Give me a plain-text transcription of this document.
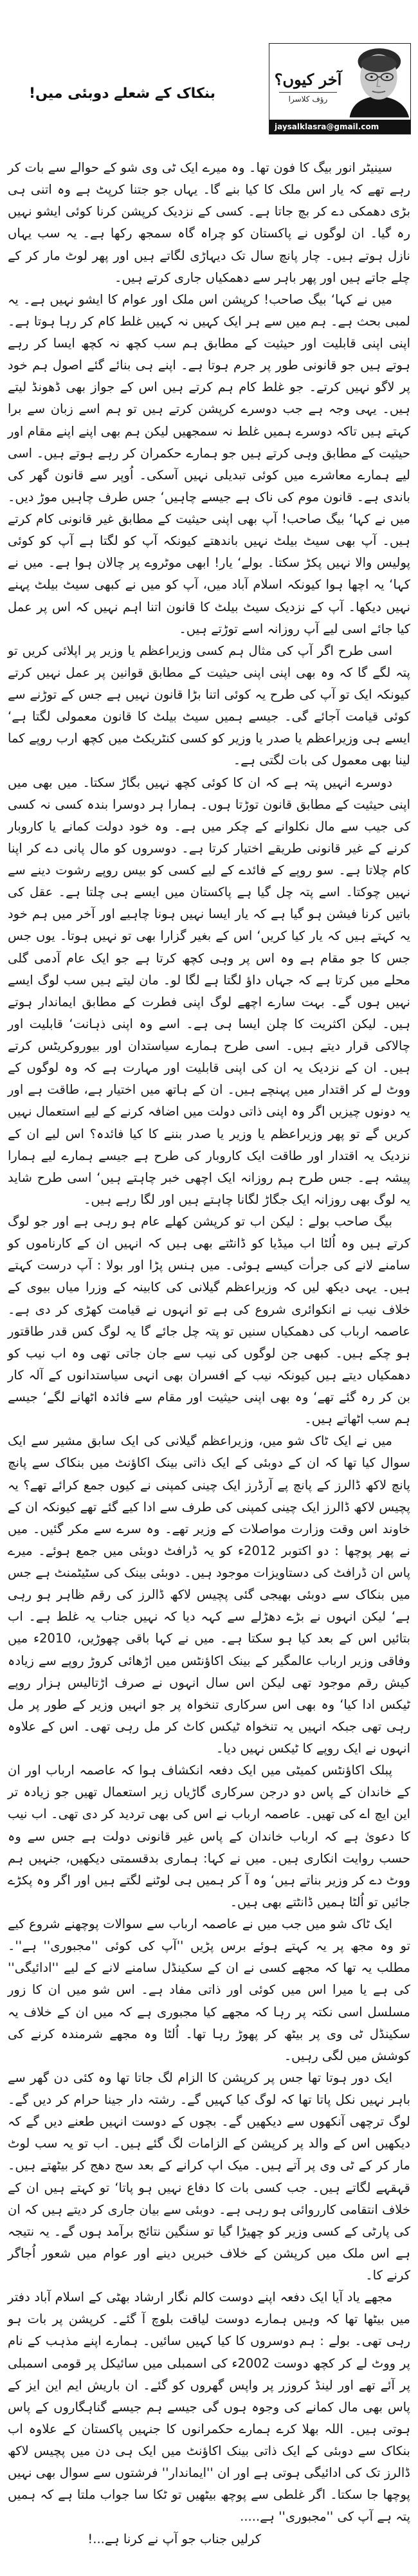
بنکاک کے شعلے دوبئی میں!
آخر کیوں؟
رؤف کلاسرا
jaysalklasra@gmail.com

سینیٹر انور بیگ کا فون تھا۔ وہ میرے ایک ٹی وی شو کے حوالے سے بات کر رہے تھے کہ یار اس ملک کا کیا بنے گا۔ یہاں جو جتنا کرپٹ ہے وہ اتنی ہی بڑی دھمکی دے کر بچ جاتا ہے۔ کسی کے نزدیک کرپشن کرنا کوئی ایشو نہیں رہ گیا۔ ان لوگوں نے پاکستان کو چراہ گاہ سمجھ رکھا ہے۔ یہ سب یہاں نازل ہوتے ہیں۔ چار پانچ سال تک دیہاڑی لگاتے ہیں اور پھر لوٹ مار کر کے چلے جاتے ہیں اور پھر باہر سے دھمکیاں جاری کرتے ہیں۔

میں نے کہا‘ بیگ صاحب! کرپشن اس ملک اور عوام کا ایشو نہیں ہے۔ یہ لمبی بحث ہے۔ ہم میں سے ہر ایک کہیں نہ کہیں غلط کام کر رہا ہوتا ہے۔ اپنی اپنی قابلیت اور حیثیت کے مطابق ہم سب کچھ نہ کچھ ایسا کر رہے ہوتے ہیں جو قانونی طور پر جرم ہوتا ہے۔ اپنے ہی بنائے گئے اصول ہم خود پر لاگو نہیں کرتے۔ جو غلط کام ہم کرتے ہیں اس کے جواز بھی ڈھونڈ لیتے ہیں۔ یہی وجہ ہے جب دوسرے کرپشن کرتے ہیں تو ہم اسے زبان سے برا کہتے ہیں تاکہ دوسرے ہمیں غلط نہ سمجھیں لیکن ہم بھی اپنے اپنے مقام اور حیثیت کے مطابق وہی کرتے ہیں جو ہمارے حکمران کر رہے ہوتے ہیں۔ اسی لیے ہمارے معاشرے میں کوئی تبدیلی نہیں آسکی۔ اُوپر سے قانون گھر کی باندی ہے۔ قانون موم کی ناک ہے جیسے چاہیں‘ جس طرف چاہیں موڑ دیں۔ میں نے کہا‘ بیگ صاحب! آپ بھی اپنی حیثیت کے مطابق غیر قانونی کام کرتے ہیں۔ آپ بھی سیٹ بیلٹ نہیں باندھتے کیونکہ آپ کو لگتا ہے آپ کو کوئی پولیس والا نہیں پکڑ سکتا۔ بولے‘ یار! ابھی موٹروے پر چالان ہوا ہے۔ میں نے کہا‘ یہ اچھا ہوا کیونکہ اسلام آباد میں، آپ کو میں نے کبھی سیٹ بیلٹ پہنے نہیں دیکھا۔ آپ کے نزدیک سیٹ بیلٹ کا قانون اتنا اہم نہیں کہ اس پر عمل کیا جائے اسی لیے آپ روزانہ اسے توڑتے ہیں۔

اسی طرح اگر آپ کی مثال ہم کسی وزیراعظم یا وزیر پر اپلائی کریں تو پتہ لگے گا کہ وہ بھی اپنی اپنی حیثیت کے مطابق قوانین پر عمل نہیں کرتے کیونکہ ایک تو آپ کی طرح یہ کوئی اتنا بڑا قانون نہیں ہے جس کے توڑنے سے کوئی قیامت آجائے گی۔ جیسے ہمیں سیٹ بیلٹ کا قانون معمولی لگتا ہے‘ ایسے ہی وزیراعظم یا صدر یا وزیر کو کسی کنٹریکٹ میں کچھ ارب روپے کما لینا بھی معمول کی بات لگتی ہے۔

دوسرے انہیں پتہ ہے کہ ان کا کوئی کچھ نہیں بگاڑ سکتا۔ میں بھی میں اپنی حیثیت کے مطابق قانون توڑتا ہوں۔ ہمارا ہر دوسرا بندہ کسی نہ کسی کی جیب سے مال نکلوانے کے چکر میں ہے۔ وہ خود دولت کمانے یا کاروبار کرنے کے غیر قانونی طریقے اختیار کرتا ہے۔ دوسروں کو مال پانی دے کر اپنا کام چلاتا ہے۔ سو روپے کے فائدے کے لیے کسی کو بیس روپے رشوت دینے سے نہیں چوکتا۔ اسے پتہ چل گیا ہے پاکستان میں ایسے ہی چلتا ہے۔ عقل کی باتیں کرنا فیشن ہو گیا ہے کہ یار ایسا نہیں ہونا چاہیے اور آخر میں ہم خود یہ کہتے ہیں کہ یار کیا کریں‘ اس کے بغیر گزارا بھی تو نہیں ہوتا۔ یوں جس جس کا جو مقام ہے وہ اس پر وہی کچھ کرتا ہے جو ایک عام آدمی گلی محلے میں کرتا ہے کہ جہاں داؤ لگتا ہے لگا لو۔ مان لیتے ہیں سب لوگ ایسے نہیں ہوں گے۔ بہت سارے اچھے لوگ اپنی فطرت کے مطابق ایماندار ہوتے ہیں۔ لیکن اکثریت کا چلن ایسا ہی ہے۔ اسے وہ اپنی ذہانت‘ قابلیت اور چالاکی قرار دیتے ہیں۔ اسی طرح ہمارے سیاستدان اور بیوروکریٹس کرتے ہیں۔ ان کے نزدیک یہ ان کی اپنی قابلیت اور مہارت ہے کہ وہ لوگوں کے ووٹ لے کر اقتدار میں پہنچے ہیں۔ ان کے ہاتھ میں اختیار ہے، طاقت ہے اور یہ دونوں چیزیں اگر وہ اپنی ذاتی دولت میں اضافہ کرنے کے لیے استعمال نہیں کریں گے تو پھر وزیراعظم یا وزیر یا صدر بننے کا کیا فائدہ؟ اس لیے ان کے نزدیک یہ اقتدار اور طاقت ایک کاروبار کی طرح ہے جیسے ہمارے لیے ہمارا پیشہ ہے۔ جس طرح ہم روزانہ ایک اچھی خبر چاہتے ہیں‘ اسی طرح شاید یہ لوگ بھی روزانہ ایک جگاڑ لگانا چاہتے ہیں اور لگا رہے ہیں۔

بیگ صاحب بولے : لیکن اب تو کرپشن کھلے عام ہو رہی ہے اور جو لوگ کرتے ہیں وہ اُلٹا اب میڈیا کو ڈانٹتے بھی ہیں کہ انہیں ان کے کارناموں کو سامنے لانے کی جرأت کیسے ہوئی۔ میں ہنس پڑا اور بولا : آپ درست کہتے ہیں۔ یہی دیکھ لیں کہ وزیراعظم گیلانی کی کابینہ کے وزرا میاں بیوی کے خلاف نیب نے انکوائری شروع کی ہے تو انہوں نے قیامت کھڑی کر دی ہے۔ عاصمہ ارباب کی دھمکیاں سنیں تو پتہ چل جائے گا یہ لوگ کس قدر طاقتور ہو چکے ہیں۔ کبھی جن لوگوں کی نیب سے جان جاتی تھی وہ اب نیب کو دھمکیاں دیتے ہیں کیونکہ نیب کے افسران بھی انہی سیاستدانوں کے آلہ کار بن کر رہ گئے تھے‘ وہ بھی اپنی حیثیت اور مقام سے فائدہ اٹھانے لگے‘ جیسے ہم سب اٹھاتے ہیں۔

میں نے ایک ٹاک شو میں، وزیراعظم گیلانی کی ایک سابق مشیر سے ایک سوال کیا تھا کہ ان کے دوبئی کے ایک ذاتی بینک اکاؤنٹ میں بنکاک سے پانچ پانچ لاکھ ڈالرز کے پانچ پے آرڈرز ایک چینی کمپنی نے کیوں جمع کرائے تھے؟ یہ پچیس لاکھ ڈالرز ایک چینی کمپنی کی طرف سے ادا کیے گئے تھے کیونکہ ان کے خاوند اس وقت وزارت مواصلات کے وزیر تھے۔ وہ سرے سے مکر گئیں۔ میں نے پھر پوچھا : دو اکتوبر 2012ء کو یہ ڈرافٹ دوبئی میں جمع ہوئے۔ میرے پاس ان ڈرافٹ کی دستاویزات موجود ہیں۔ دوبئی بینک کی سٹیٹمنٹ ہے جس میں بنکاک سے دوبئی بھیجی گئی پچیس لاکھ ڈالرز کی رقم ظاہر ہو رہی ہے‘ لیکن انہوں نے بڑے دھڑلے سے کہہ دیا کہ نہیں جناب یہ غلط ہے۔ اب بتائیں اس کے بعد کیا ہو سکتا ہے۔ میں نے کہا باقی چھوڑیں، 2010ء میں وفاقی وزیر ارباب عالمگیر کے بینک اکاؤنٹس میں اڑھائی کروڑ روپے سے زیادہ کیش رقم موجود تھی لیکن اس سال انہوں نے صرف اڑتالیس ہزار روپے ٹیکس ادا کیا‘ وہ بھی اس سرکاری تنخواہ پر جو انہیں وزیر کے طور پر مل رہی تھی جبکہ انہیں یہ تنخواہ ٹیکس کاٹ کر مل رہی تھی۔ اس کے علاوہ انہوں نے ایک روپے کا ٹیکس نہیں دیا۔

پبلک اکاؤنٹس کمیٹی میں ایک دفعہ انکشاف ہوا کہ عاصمہ ارباب اور ان کے خاندان کے پاس دو درجن سرکاری گاڑیاں زیر استعمال تھیں جو زیادہ تر این ایچ اے کی تھیں۔ عاصمہ ارباب نے اس کی بھی تردید کر دی تھی۔ اب نیب کا دعویٰ ہے کہ ارباب خاندان کے پاس غیر قانونی دولت ہے جس سے وہ حسب روایت انکاری ہیں۔ میں نے کہا: ہماری بدقسمتی دیکھیں، جنہیں ہم ووٹ دے کر وزیر بناتے ہیں‘ وہ آ کر ہمیں ہی لوٹنے لگتے ہیں اور اگر وہ پکڑے جائیں تو اُلٹا ہمیں ڈانٹتے بھی ہیں۔

ایک ٹاک شو میں جب میں نے عاصمہ ارباب سے سوالات پوچھنے شروع کیے تو وہ مجھ پر یہ کہتے ہوئے برس پڑیں ''آپ کی کوئی ''مجبوری'' ہے''۔ مطلب یہ تھا کہ مجھے کسی نے ان کے سکینڈل سامنے لانے کے لیے ''ادائیگی'' کی ہے یا میرا اس میں کوئی اور ذاتی مفاد ہے۔ اس شو میں ان کا زور مسلسل اسی نکتہ پر رہا کہ مجھے کیا مجبوری ہے کہ میں ان کے خلاف یہ سکینڈل ٹی وی پر بیٹھ کر پھوڑ رہا تھا۔ اُلٹا وہ مجھے شرمندہ کرنے کی کوشش میں لگی رہیں۔

ایک دور ہوتا تھا جس پر کرپشن کا الزام لگ جاتا تھا وہ کئی دن گھر سے باہر نہیں نکل پاتا تھا کہ لوگ کیا کہیں گے۔ رشتہ دار جینا حرام کر دیں گے۔ لوگ ترچھی آنکھوں سے دیکھیں گے۔ بچوں کے دوست انہیں طعنے دیں گے کہ دیکھیں اس کے والد پر کرپشن کے الزامات لگ گئے ہیں۔ اب تو یہ سب لوٹ مار کر کے ٹی وی پر آتے ہیں۔ میک اپ کرانے کے بعد سج دھج کر بیٹھتے ہیں۔ قہقہے لگاتے ہیں۔ جب کسی بات کا دفاع نہیں ہو پاتا‘ تو کہتے ہیں ان کے خلاف انتقامی کارروائی ہو رہی ہے۔ دوبئی سے بیان جاری کر دیتے ہیں کہ ان کی پارٹی کے کسی وزیر کو چھیڑا گیا تو سنگین نتائج برآمد ہوں گے۔ یہ نتیجہ ہے اس ملک میں کرپشن کے خلاف خبریں دینے اور عوام میں شعور اُجاگر کرنے کا۔

مجھے یاد آیا ایک دفعہ اپنے دوست کالم نگار ارشاد بھٹی کے اسلام آباد دفتر میں بیٹھا تھا کہ وہیں ہمارے دوست لیاقت بلوچ آ گئے۔ کرپشن پر بات ہو رہی تھی۔ بولے : ہم دوسروں کا کیا کہیں سائیں۔ ہمارے اپنے مذہب کے نام پر ووٹ لے کر کچھ دوست 2002ء کی اسمبلی میں سائیکل پر قومی اسمبلی پر آئے تھے اور لینڈ کروزر پر واپس گھروں کو گئے۔ ان باریش ایم این ایز کے پاس بھی مال کمانے کی وجوہ ہوں گی جیسے ہم جیسے گناہگاروں کے پاس ہوتی ہیں۔ اللہ بھلا کرے ہمارے حکمرانوں کا جنہیں پاکستان کے علاوہ اب بنکاک سے دوبئی کے ایک ذاتی بینک اکاؤنٹ میں ایک ہی دن میں پچیس لاکھ ڈالرز تک کی ادائیگی ہوتی ہے اور ان ''ایماندار'' فرشتوں سے سوال بھی نہیں پوچھا جا سکتا۔ اگر غلطی سے پوچھ بیٹھیں تو ٹکا سا جواب ملتا ہے کہ ہمیں پتہ ہے آپ کی ''مجبوری'' ہے.....

کرلیں جناب جو آپ نے کرنا ہے...!
